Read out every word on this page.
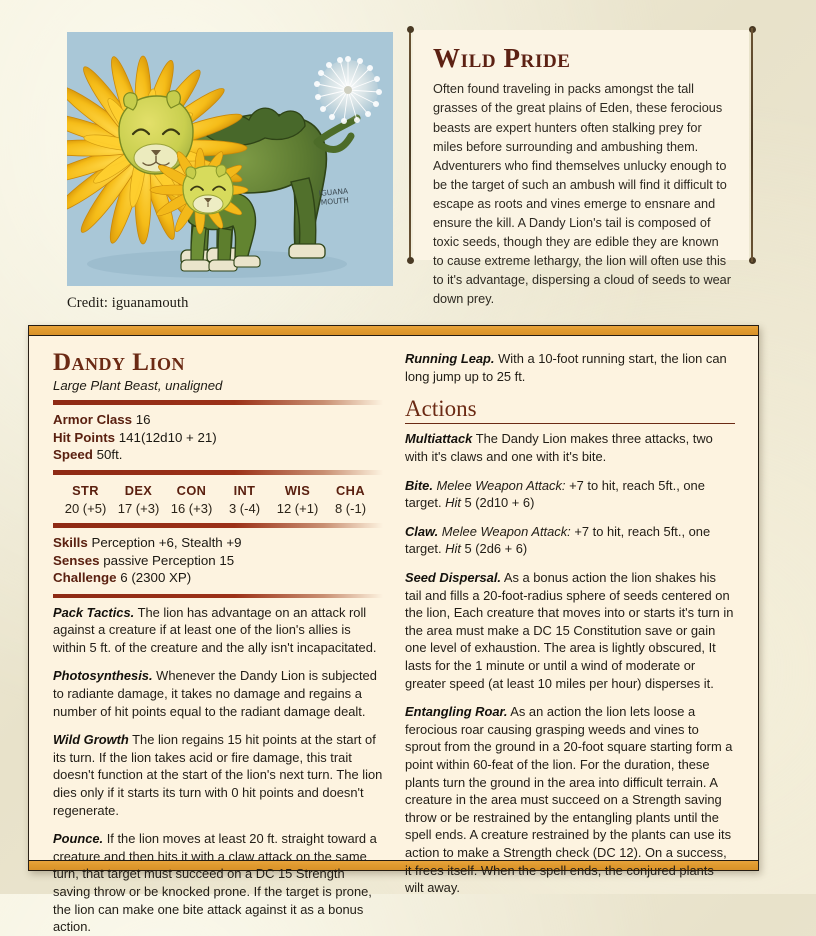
IGUANA
MOUTH
Credit: iguanamouth
Wild Pride

Often found traveling in packs amongst the tall grasses of the great plains of Eden, these ferocious beasts are expert hunters often stalking prey for miles before surrounding and ambushing them. Adventurers who find themselves unlucky enough to be the target of such an ambush will find it difficult to escape as roots and vines emerge to ensnare and ensure the kill. A Dandy Lion's tail is composed of toxic seeds, though they are edible they are known to cause extreme lethargy, the lion will often use this to it's advantage, dispersing a cloud of seeds to wear down prey.

Dandy Lion

Large Plant Beast, unaligned

Armor Class 16
Hit Points 141(12d10 + 21)
Speed 50ft.
STR
20 (+5)
DEX
17 (+3)
CON
16 (+3)
INT
3 (-4)
WIS
12 (+1)
CHA
8 (-1)
Skills Perception +6, Stealth +9
Senses passive Perception 15
Challenge 6 (2300 XP)

Pack Tactics. The lion has advantage on an attack roll against a creature if at least one of the lion's allies is within 5 ft. of the creature and the ally isn't incapacitated.

Photosynthesis. Whenever the Dandy Lion is subjected to radiante damage, it takes no damage and regains a number of hit points equal to the radiant damage dealt.

Wild Growth The lion regains 15 hit points at the start of its turn. If the lion takes acid or fire damage, this trait doesn't function at the start of the lion's next turn. The lion dies only if it starts its turn with 0 hit points and doesn't regenerate.

Pounce. If the lion moves at least 20 ft. straight toward a creature and then hits it with a claw attack on the same turn, that target must succeed on a DC 15 Strength saving throw or be knocked prone. If the target is prone, the lion can make one bite attack against it as a bonus action.

Running Leap. With a 10-foot running start, the lion can long jump up to 25 ft.

Actions

Multiattack The Dandy Lion makes three attacks, two with it's claws and one with it's bite.

Bite. Melee Weapon Attack: +7 to hit, reach 5ft., one target. Hit 5 (2d10 + 6)

Claw. Melee Weapon Attack: +7 to hit, reach 5ft., one target. Hit 5 (2d6 + 6)

Seed Dispersal. As a bonus action the lion shakes his tail and fills a 20-foot-radius sphere of seeds centered on the lion, Each creature that moves into or starts it's turn in the area must make a DC 15 Constitution save or gain one level of exhaustion. The area is lightly obscured, It lasts for the 1 minute or until a wind of moderate or greater speed (at least 10 miles per hour) disperses it.

Entangling Roar. As an action the lion lets loose a ferocious roar causing grasping weeds and vines to sprout from the ground in a 20-foot square starting form a point within 60-feat of the lion. For the duration, these plants turn the ground in the area into difficult terrain. A creature in the area must succeed on a Strength saving throw or be restrained by the entangling plants until the spell ends. A creature restrained by the plants can use its action to make a Strength check (DC 12). On a success, it frees itself. When the spell ends, the conjured plants wilt away.
